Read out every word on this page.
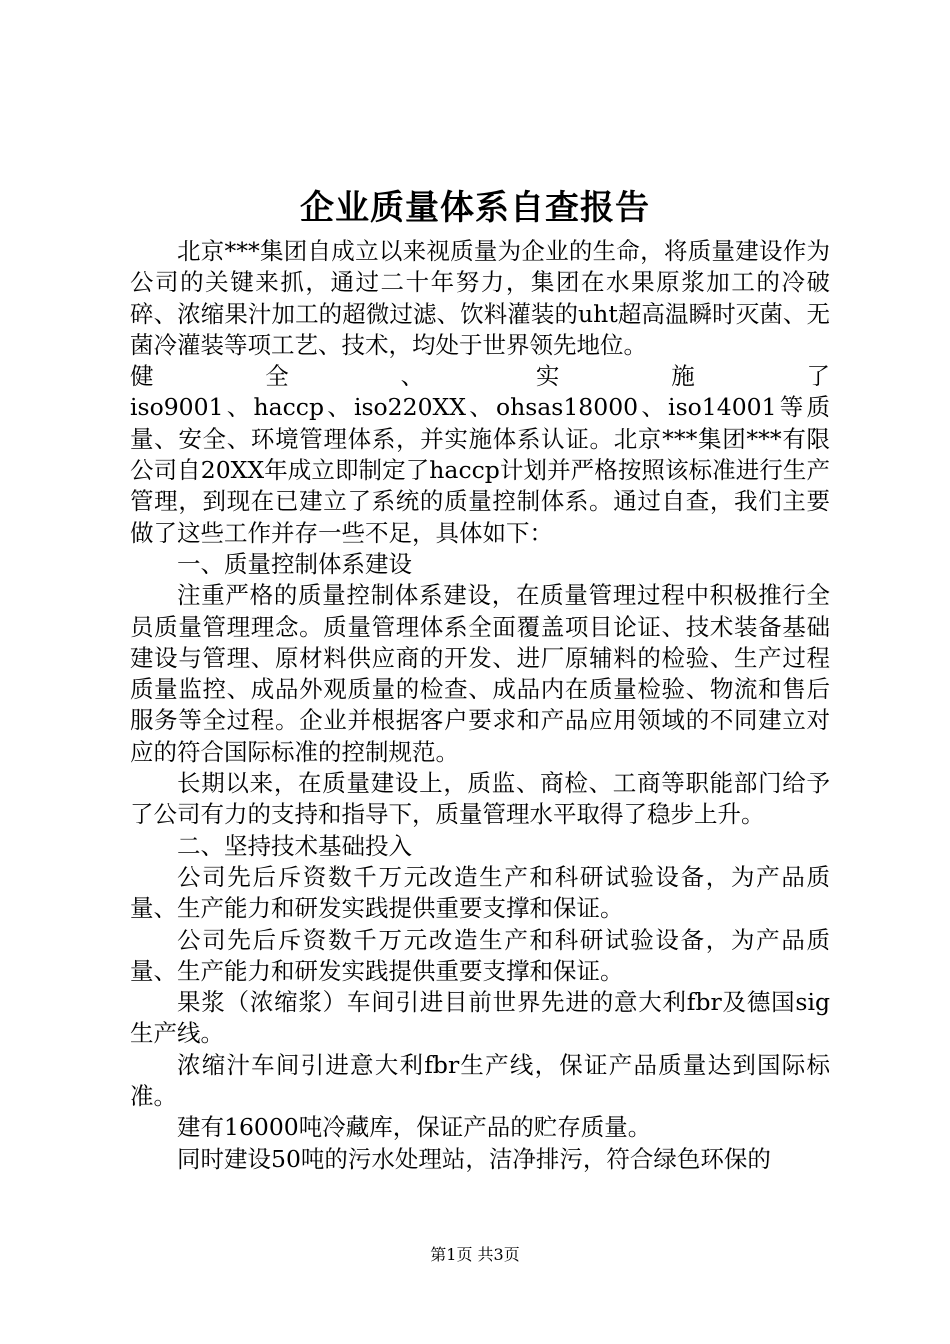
企业质量体系自查报告

北京***集团自成立以来视质量为企业的生命，将质量建设作为公司的关键来抓，通过二十年努力，集团在水果原浆加工的冷破碎、浓缩果汁加工的超微过滤、饮料灌装的uht超高温瞬时灭菌、无菌冷灌装等项工艺、技术，均处于世界领先地位。

健全、实施了

iso9001、haccp、iso220XX、ohsas18000、iso14001等质量、安全、环境管理体系，并实施体系认证。北京***集团***有限公司自20XX年成立即制定了haccp计划并严格按照该标准进行生产管理，到现在已建立了系统的质量控制体系。通过自查，我们主要做了这些工作并存一些不足，具体如下：

一、质量控制体系建设

注重严格的质量控制体系建设，在质量管理过程中积极推行全员质量管理理念。质量管理体系全面覆盖项目论证、技术装备基础建设与管理、原材料供应商的开发、进厂原辅料的检验、生产过程质量监控、成品外观质量的检查、成品内在质量检验、物流和售后服务等全过程。企业并根据客户要求和产品应用领域的不同建立对应的符合国际标准的控制规范。

长期以来，在质量建设上，质监、商检、工商等职能部门给予了公司有力的支持和指导下，质量管理水平取得了稳步上升。

二、坚持技术基础投入

公司先后斥资数千万元改造生产和科研试验设备，为产品质量、生产能力和研发实践提供重要支撑和保证。

公司先后斥资数千万元改造生产和科研试验设备，为产品质量、生产能力和研发实践提供重要支撑和保证。

果浆（浓缩浆）车间引进目前世界先进的意大利fbr及德国sig生产线。

浓缩汁车间引进意大利fbr生产线，保证产品质量达到国际标准。

建有16000吨冷藏库，保证产品的贮存质量。

同时建设50吨的污水处理站，洁净排污，符合绿色环保的

第1页 共3页
